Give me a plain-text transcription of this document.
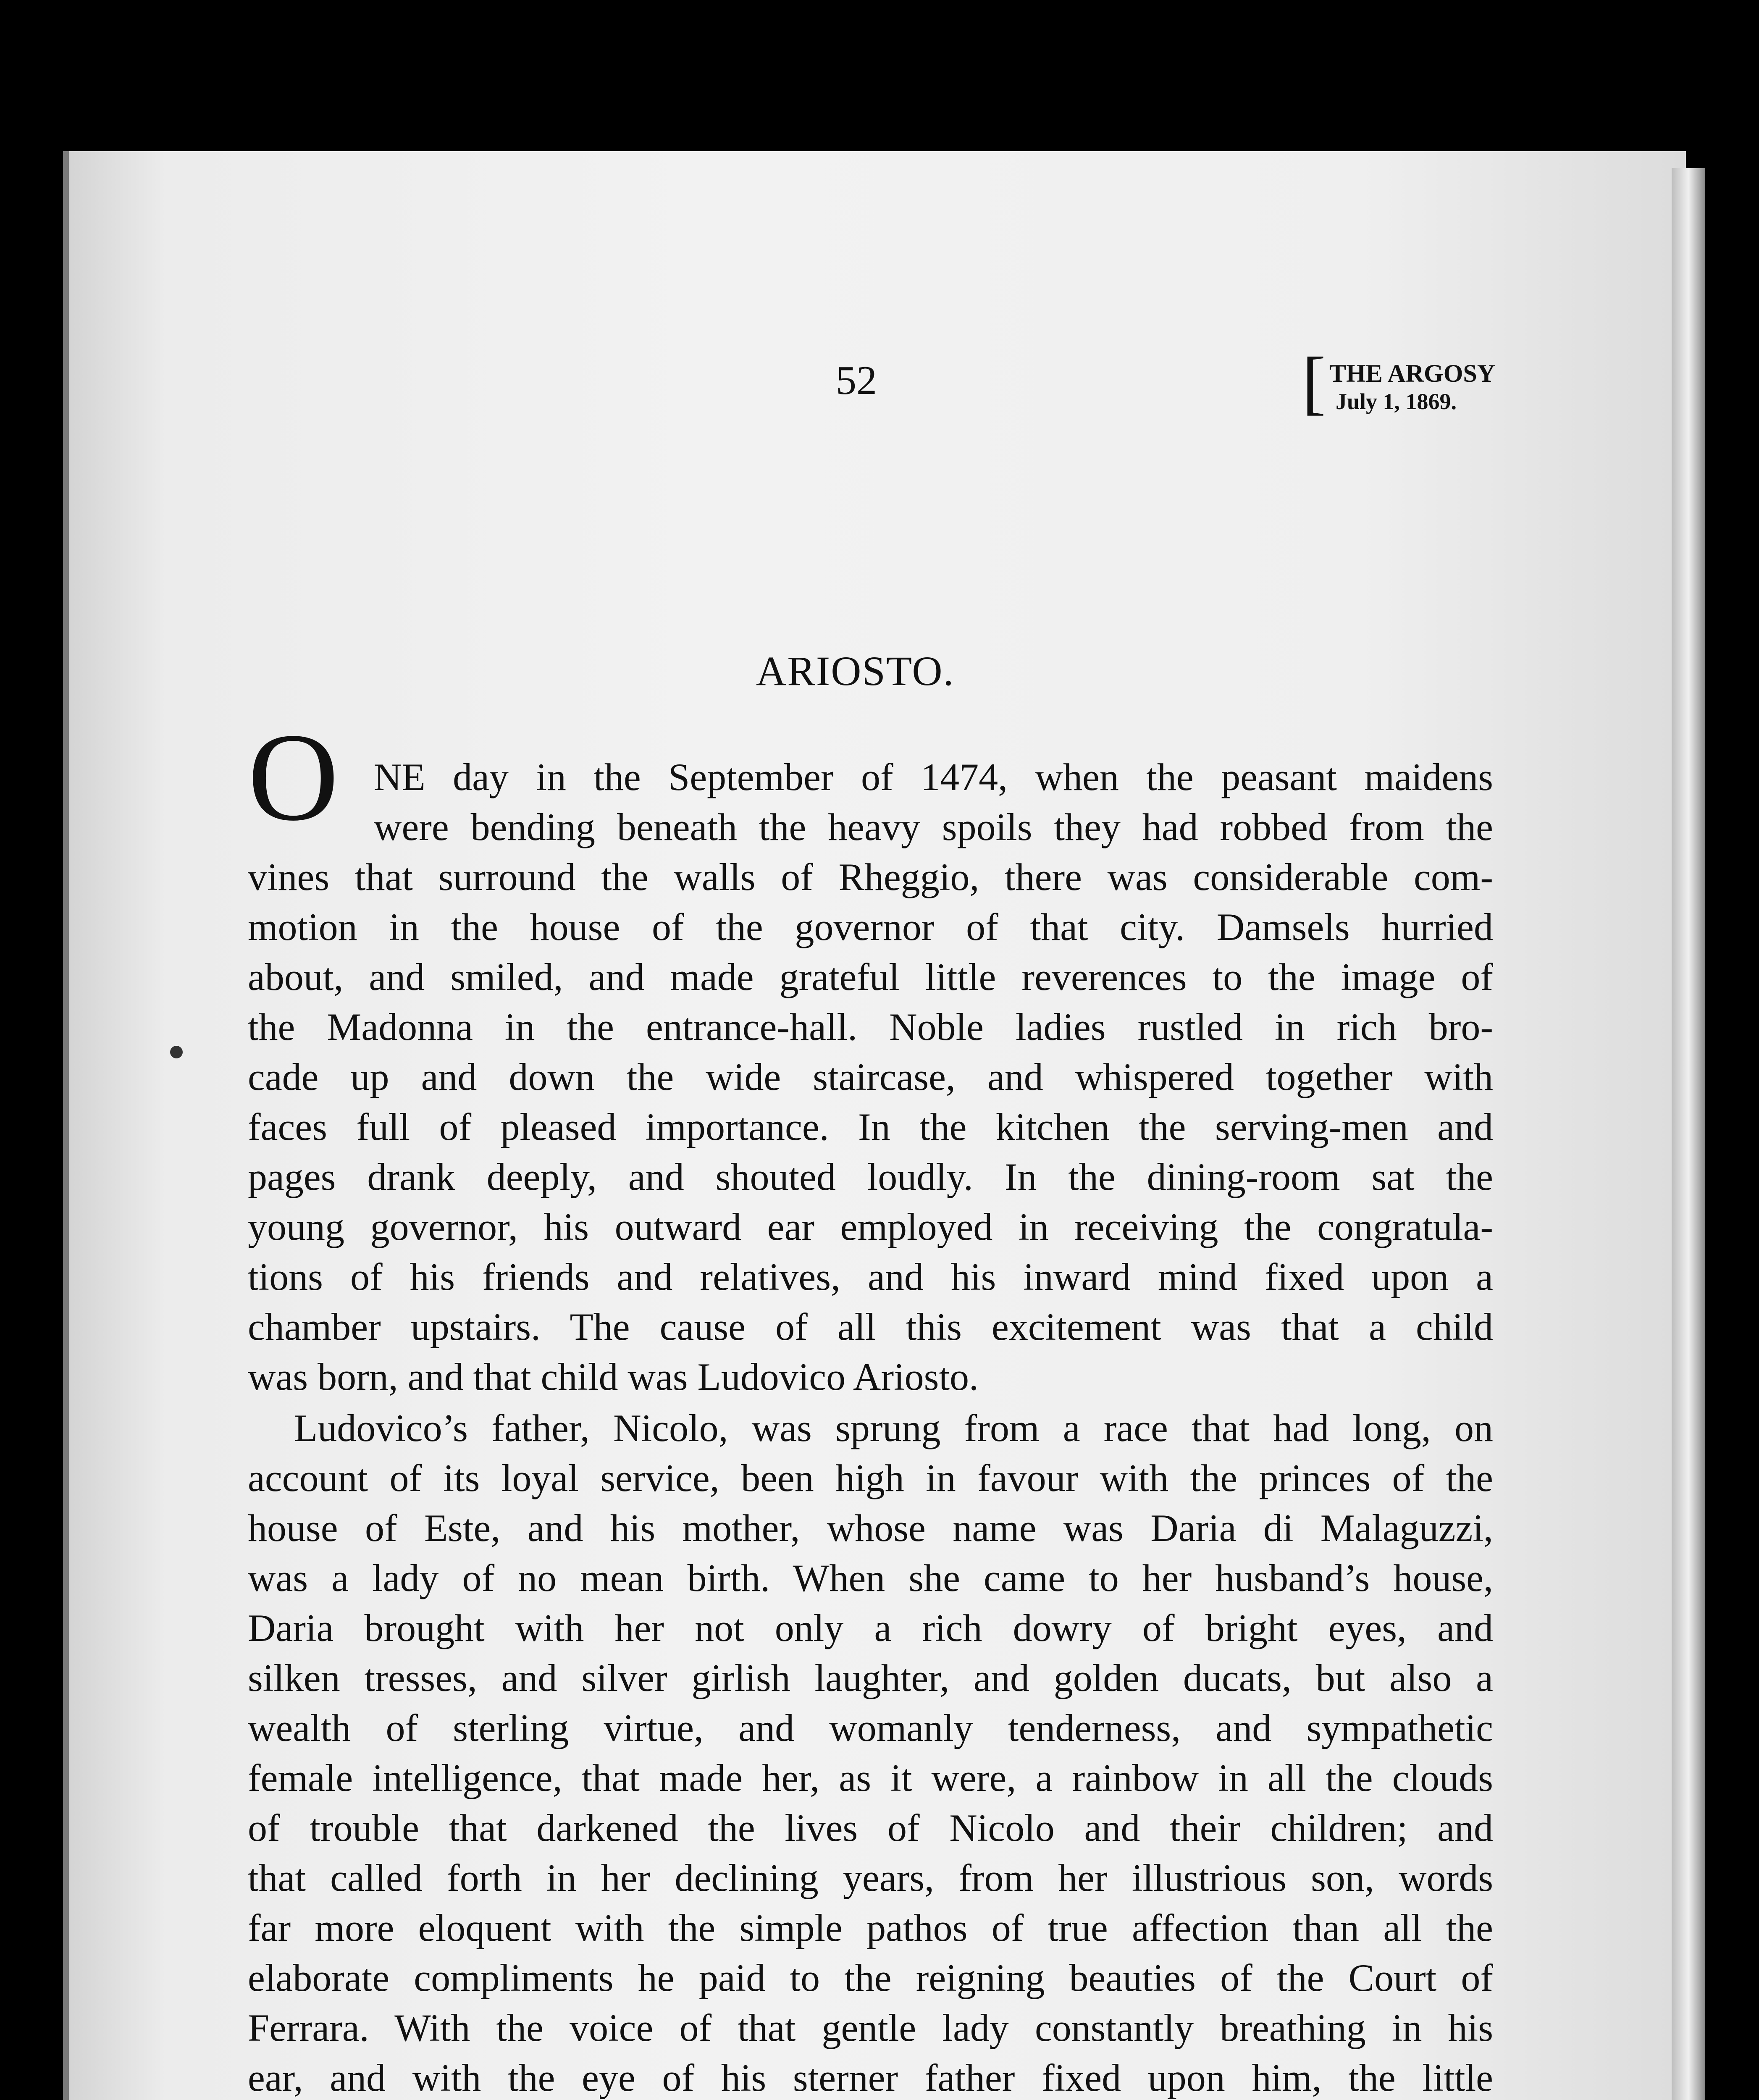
52	[ THE ARGOSY
July 1, 1869.
ARIOSTO.
O NE day in the September of 1474, when the peasant maidens
were bending beneath the heavy spoils they had robbed from the
vines that surround the walls of Rheggio, there was considerable com-
motion in the house of the governor of that city. Damsels hurried
about, and smiled, and made grateful little reverences to the image of
the Madonna in the entrance-hall. Noble ladies rustled in rich bro-
cade up and down the wide staircase, and whispered together with
faces full of pleased importance. In the kitchen the serving-men and
pages drank deeply, and shouted loudly. In the dining-room sat the
young governor, his outward ear employed in receiving the congratula-
tions of his friends and relatives, and his inward mind fixed upon a
chamber upstairs. The cause of all this excitement was that a child
was born, and that child was Ludovico Ariosto.
Ludovico’s father, Nicolo, was sprung from a race that had long, on
account of its loyal service, been high in favour with the princes of the
house of Este, and his mother, whose name was Daria di Malaguzzi,
was a lady of no mean birth. When she came to her husband’s house,
Daria brought with her not only a rich dowry of bright eyes, and
silken tresses, and silver girlish laughter, and golden ducats, but also a
wealth of sterling virtue, and womanly tenderness, and sympathetic
female intelligence, that made her, as it were, a rainbow in all the clouds
of trouble that darkened the lives of Nicolo and their children; and
that called forth in her declining years, from her illustrious son, words
far more eloquent with the simple pathos of true affection than all the
elaborate compliments he paid to the reigning beauties of the Court of
Ferrara. With the voice of that gentle lady constantly breathing in his
ear, and with the eye of his sterner father fixed upon him, the little
